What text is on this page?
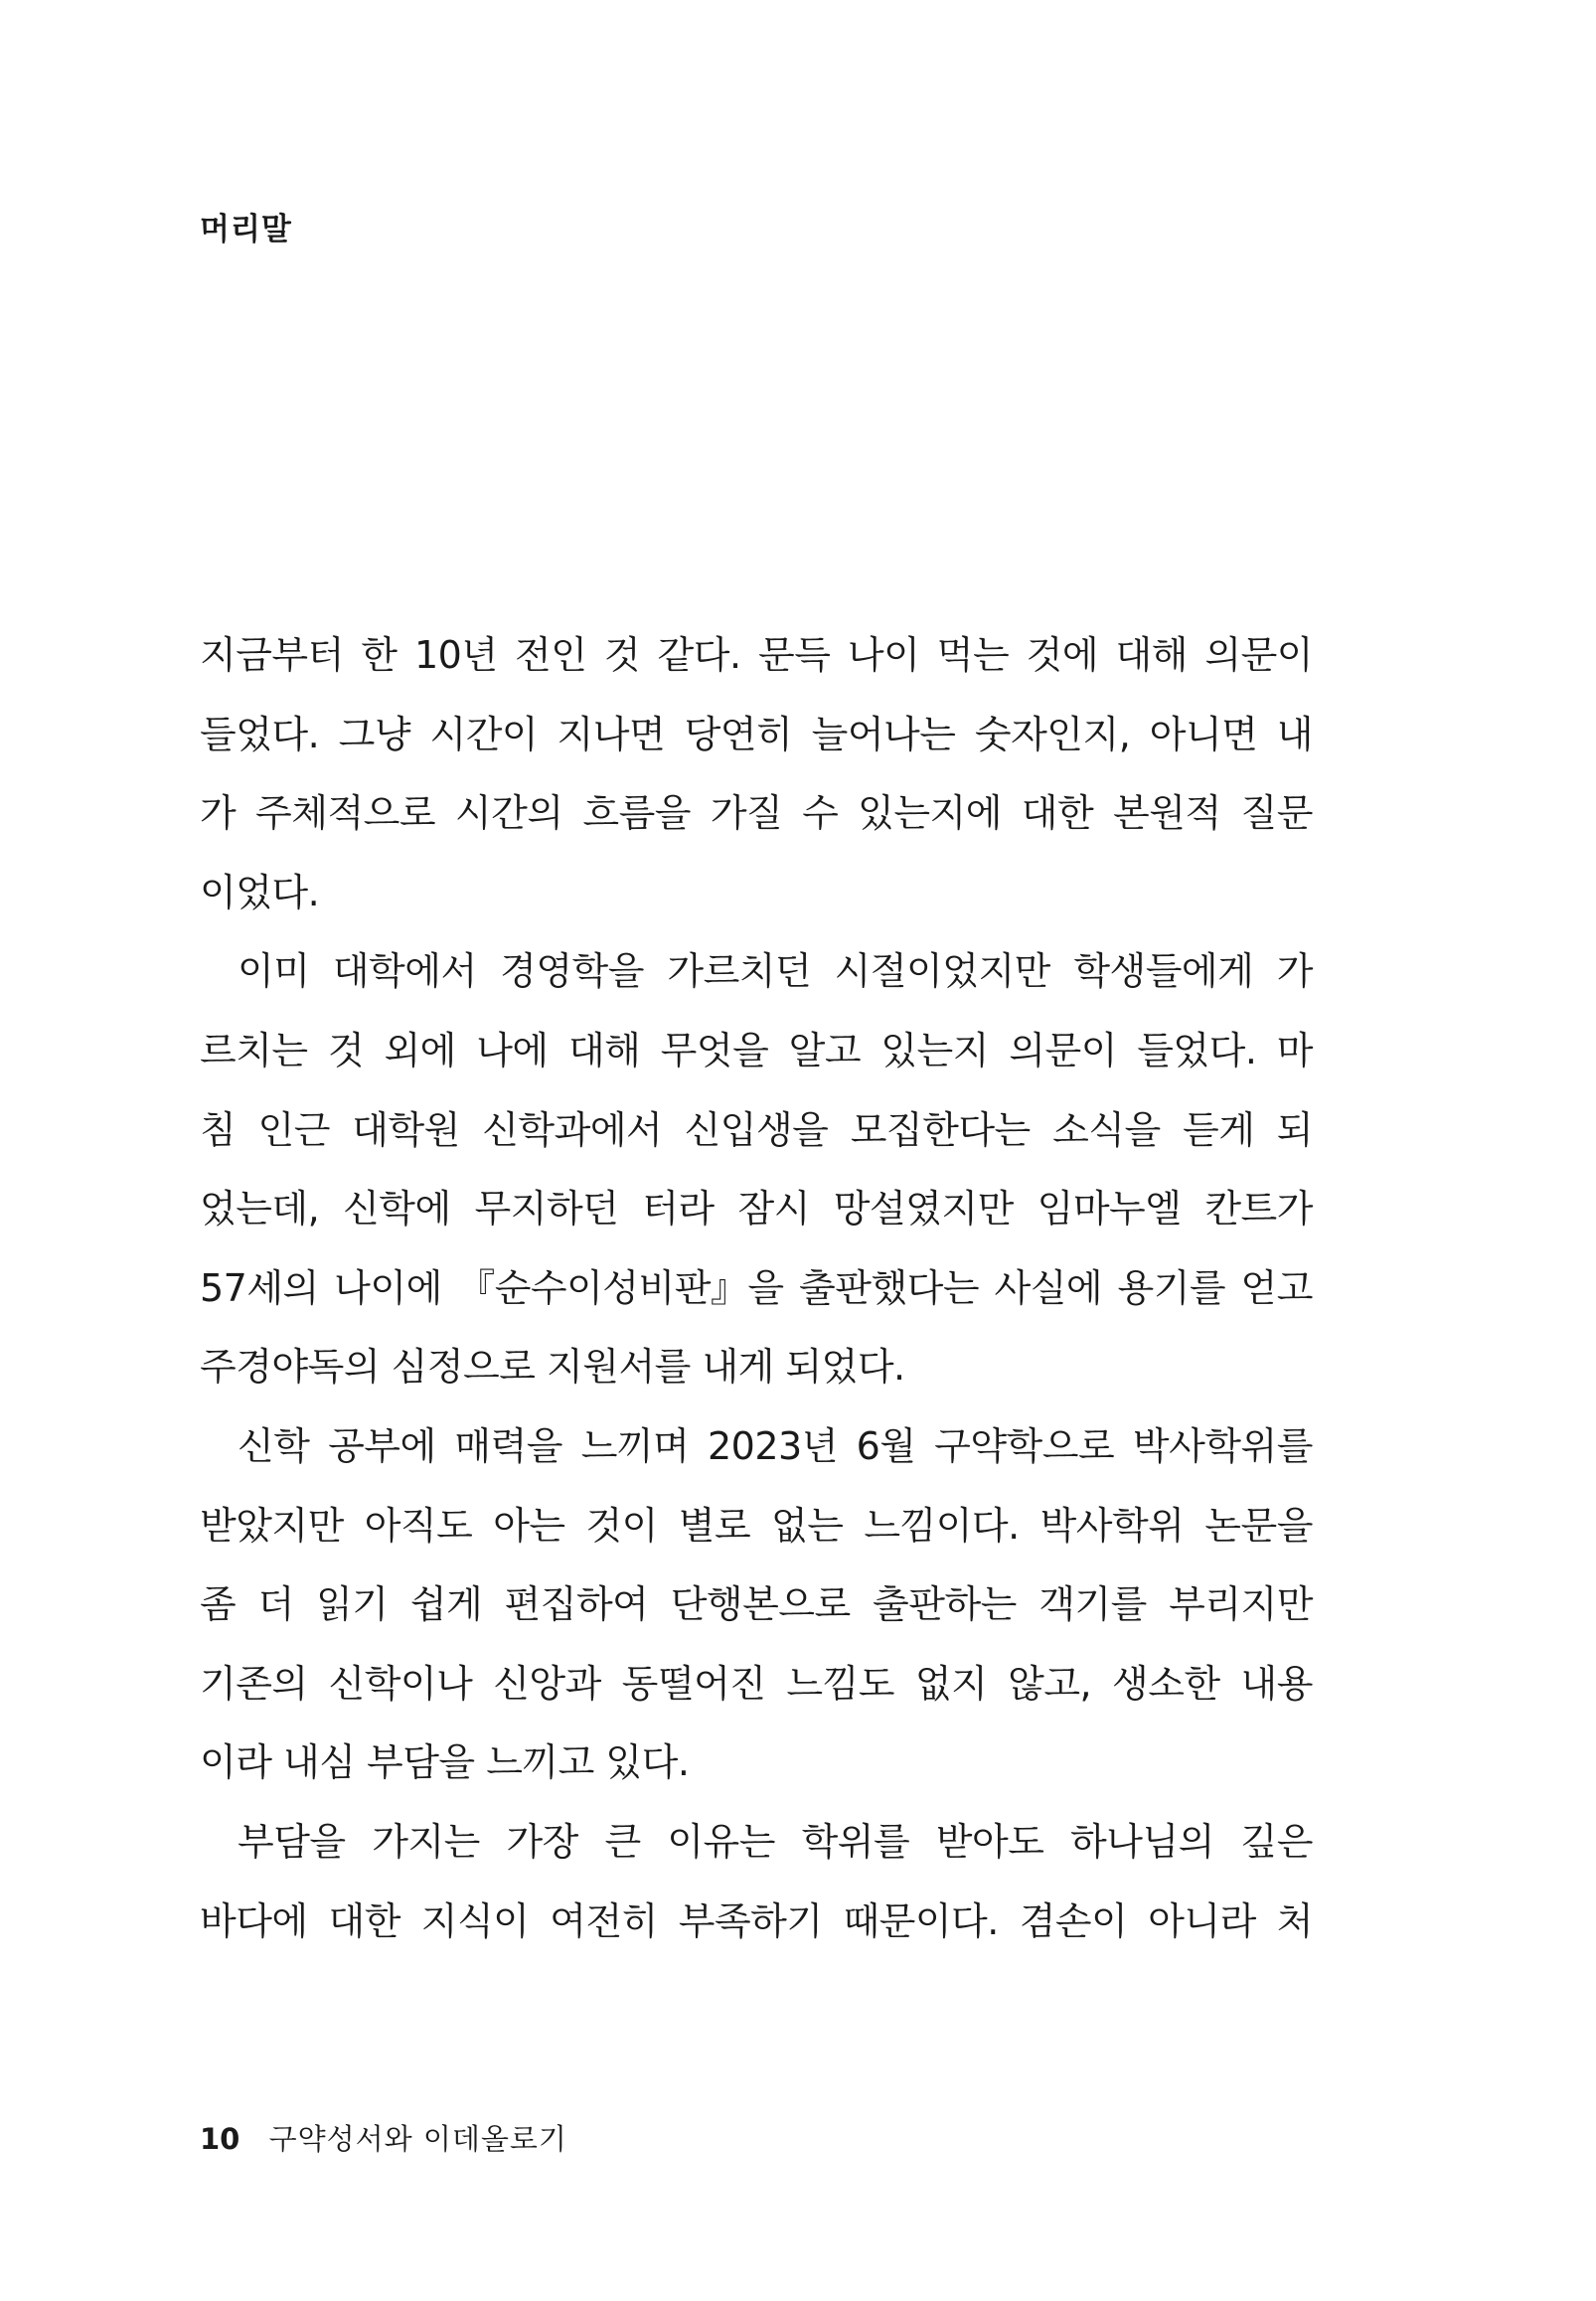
머리말
지금부터 한 10년 전인 것 같다. 문득 나이 먹는 것에 대해 의문이
들었다. 그냥 시간이 지나면 당연히 늘어나는 숫자인지, 아니면 내
가 주체적으로 시간의 흐름을 가질 수 있는지에 대한 본원적 질문
이었다.
이미 대학에서 경영학을 가르치던 시절이었지만 학생들에게 가
르치는 것 외에 나에 대해 무엇을 알고 있는지 의문이 들었다. 마
침 인근 대학원 신학과에서 신입생을 모집한다는 소식을 듣게 되
었는데, 신학에 무지하던 터라 잠시 망설였지만 임마누엘 칸트가
57세의 나이에 『순수이성비판』을 출판했다는 사실에 용기를 얻고
주경야독의 심정으로 지원서를 내게 되었다.
신학 공부에 매력을 느끼며 2023년 6월 구약학으로 박사학위를
받았지만 아직도 아는 것이 별로 없는 느낌이다. 박사학위 논문을
좀 더 읽기 쉽게 편집하여 단행본으로 출판하는 객기를 부리지만
기존의 신학이나 신앙과 동떨어진 느낌도 없지 않고, 생소한 내용
이라 내심 부담을 느끼고 있다.
부담을 가지는 가장 큰 이유는 학위를 받아도 하나님의 깊은
바다에 대한 지식이 여전히 부족하기 때문이다. 겸손이 아니라 처
10 구약성서와 이데올로기
